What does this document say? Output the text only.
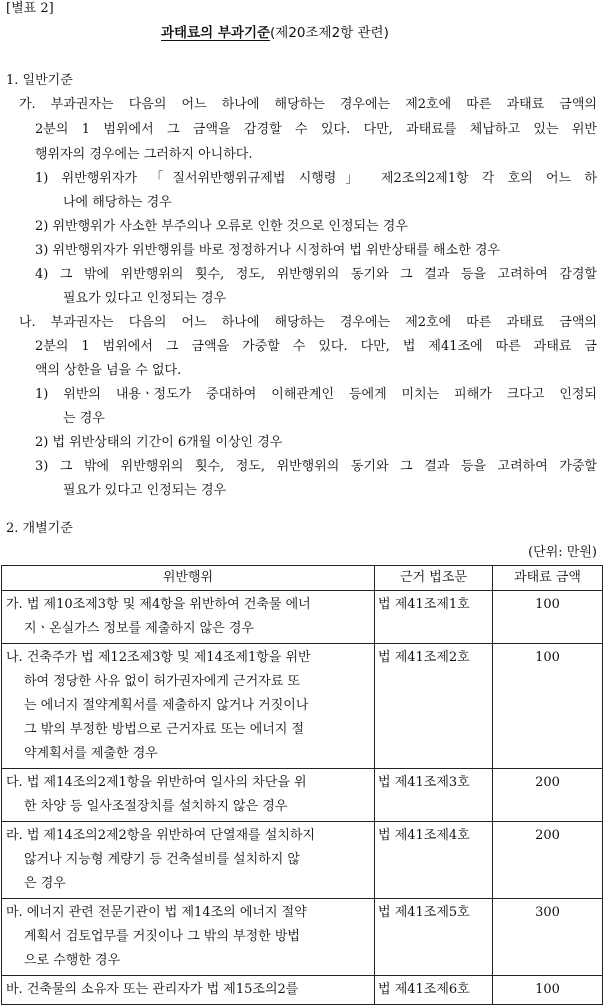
[별표 2]
과태료의 부과기준(제20조제2항 관련)
1. 일반기준
가. 부과권자는 다음의 어느 하나에 해당하는 경우에는 제2호에 따른 과태료 금액의
2분의 1 범위에서 그 금액을 감경할 수 있다. 다만, 과태료를 체납하고 있는 위반
행위자의 경우에는 그러하지 아니하다.
1) 위반행위자가 「질서위반행위규제법 시행령」 제2조의2제1항 각 호의 어느 하
나에 해당하는 경우
2) 위반행위가 사소한 부주의나 오류로 인한 것으로 인정되는 경우
3) 위반행위자가 위반행위를 바로 정정하거나 시정하여 법 위반상태를 해소한 경우
4) 그 밖에 위반행위의 횟수, 정도, 위반행위의 동기와 그 결과 등을 고려하여 감경할
필요가 있다고 인정되는 경우
나. 부과권자는 다음의 어느 하나에 해당하는 경우에는 제2호에 따른 과태료 금액의
2분의 1 범위에서 그 금액을 가중할 수 있다. 다만, 법 제41조에 따른 과태료 금
액의 상한을 넘을 수 없다.
1) 위반의 내용ㆍ정도가 중대하여 이해관계인 등에게 미치는 피해가 크다고 인정되
는 경우
2) 법 위반상태의 기간이 6개월 이상인 경우
3) 그 밖에 위반행위의 횟수, 정도, 위반행위의 동기와 그 결과 등을 고려하여 가중할
필요가 있다고 인정되는 경우
2. 개별기준
(단위: 만원)
위반행위	근거 법조문	과태료 금액

가. 법 제10조제3항 및 제4항을 위반하여 건축물 에너
지ㆍ온실가스 정보를 제출하지 않은 경우	법 제41조제1호	100

나. 건축주가 법 제12조제3항 및 제14조제1항을 위반
하여 정당한 사유 없이 허가권자에게 근거자료 또
는 에너지 절약계획서를 제출하지 않거나 거짓이나
그 밖의 부정한 방법으로 근거자료 또는 에너지 절
약계획서를 제출한 경우	법 제41조제2호	100

다. 법 제14조의2제1항을 위반하여 일사의 차단을 위
한 차양 등 일사조절장치를 설치하지 않은 경우	법 제41조제3호	200

라. 법 제14조의2제2항을 위반하여 단열재를 설치하지
않거나 지능형 계량기 등 건축설비를 설치하지 않
은 경우	법 제41조제4호	200

마. 에너지 관련 전문기관이 법 제14조의 에너지 절약
계획서 검토업무를 거짓이나 그 밖의 부정한 방법
으로 수행한 경우	법 제41조제5호	300

바. 건축물의 소유자 또는 관리자가 법 제15조의2를	법 제41조제6호	100
